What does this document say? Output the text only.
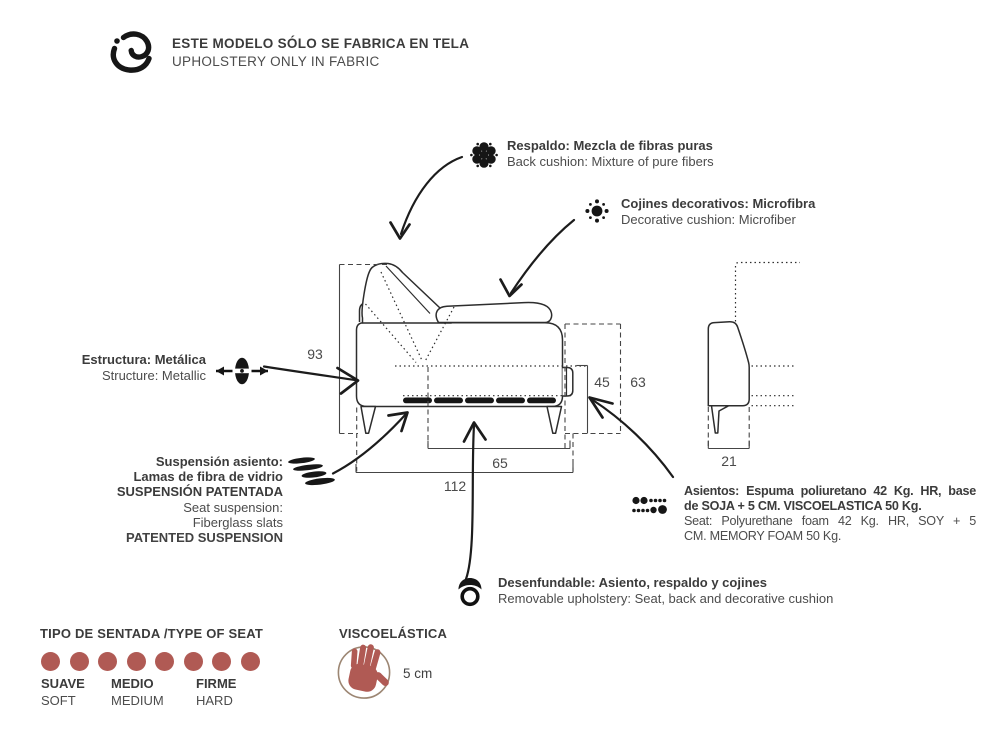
ESTE MODELO SÓLO SE FABRICA EN TELA
UPHOLSTERY ONLY IN FABRIC
Respaldo: Mezcla de fibras puras
Back cushion: Mixture of pure fibers
Cojines decorativos: Microfibra
Decorative cushion: Microfiber
Estructura: Metálica
Structure: Metallic
Suspensión asiento:
Lamas de fibra de vidrio
SUSPENSIÓN PATENTADA
Seat suspension:
Fiberglass slats
PATENTED SUSPENSION
Asientos: Espuma poliuretano 42 Kg. HR, base
de SOJA + 5 CM. VISCOELASTICA 50 Kg.
Seat: Polyurethane foam 42 Kg. HR, SOY + 5
CM. MEMORY FOAM 50 Kg.
Desenfundable: Asiento, respaldo y cojines
Removable upholstery: Seat, back and decorative cushion
93
45	63
65
112
21
TIPO DE SENTADA /TYPE OF SEAT
SUAVE
SOFT
MEDIO
MEDIUM
FIRME
HARD
VISCOELÁSTICA
5 cm
